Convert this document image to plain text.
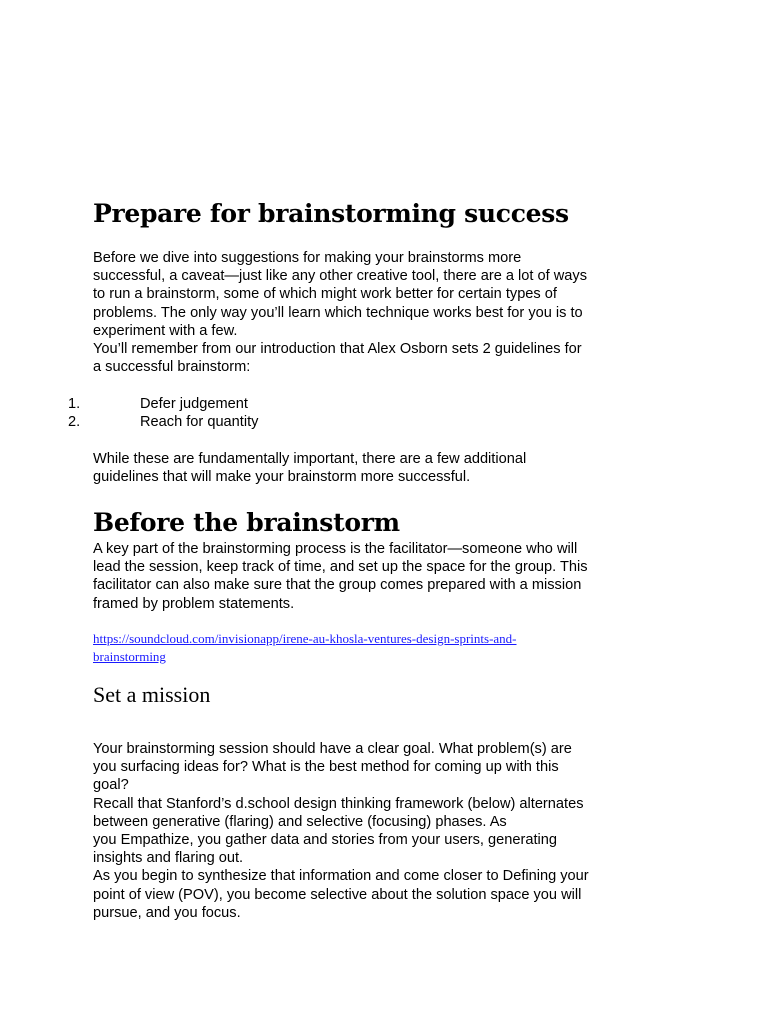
Prepare for brainstorming success
Before we dive into suggestions for making your brainstorms more
successful, a caveat—just like any other creative tool, there are a lot of ways
to run a brainstorm, some of which might work better for certain types of
problems. The only way you’ll learn which technique works best for you is to
experiment with a few.
You’ll remember from our introduction that Alex Osborn sets 2 guidelines for
a successful brainstorm:
1.	Defer judgement
2.	Reach for quantity
While these are fundamentally important, there are a few additional
guidelines that will make your brainstorm more successful.
Before the brainstorm
A key part of the brainstorming process is the facilitator—someone who will
lead the session, keep track of time, and set up the space for the group. This
facilitator can also make sure that the group comes prepared with a mission
framed by problem statements.
https://soundcloud.com/invisionapp/irene-au-khosla-ventures-design-sprints-and-
brainstorming
Set a mission
Your brainstorming session should have a clear goal. What problem(s) are
you surfacing ideas for? What is the best method for coming up with this
goal?
Recall that Stanford’s d.school design thinking framework (below) alternates
between generative (flaring) and selective (focusing) phases. As
you Empathize, you gather data and stories from your users, generating
insights and flaring out.
As you begin to synthesize that information and come closer to Defining your
point of view (POV), you become selective about the solution space you will
pursue, and you focus.
